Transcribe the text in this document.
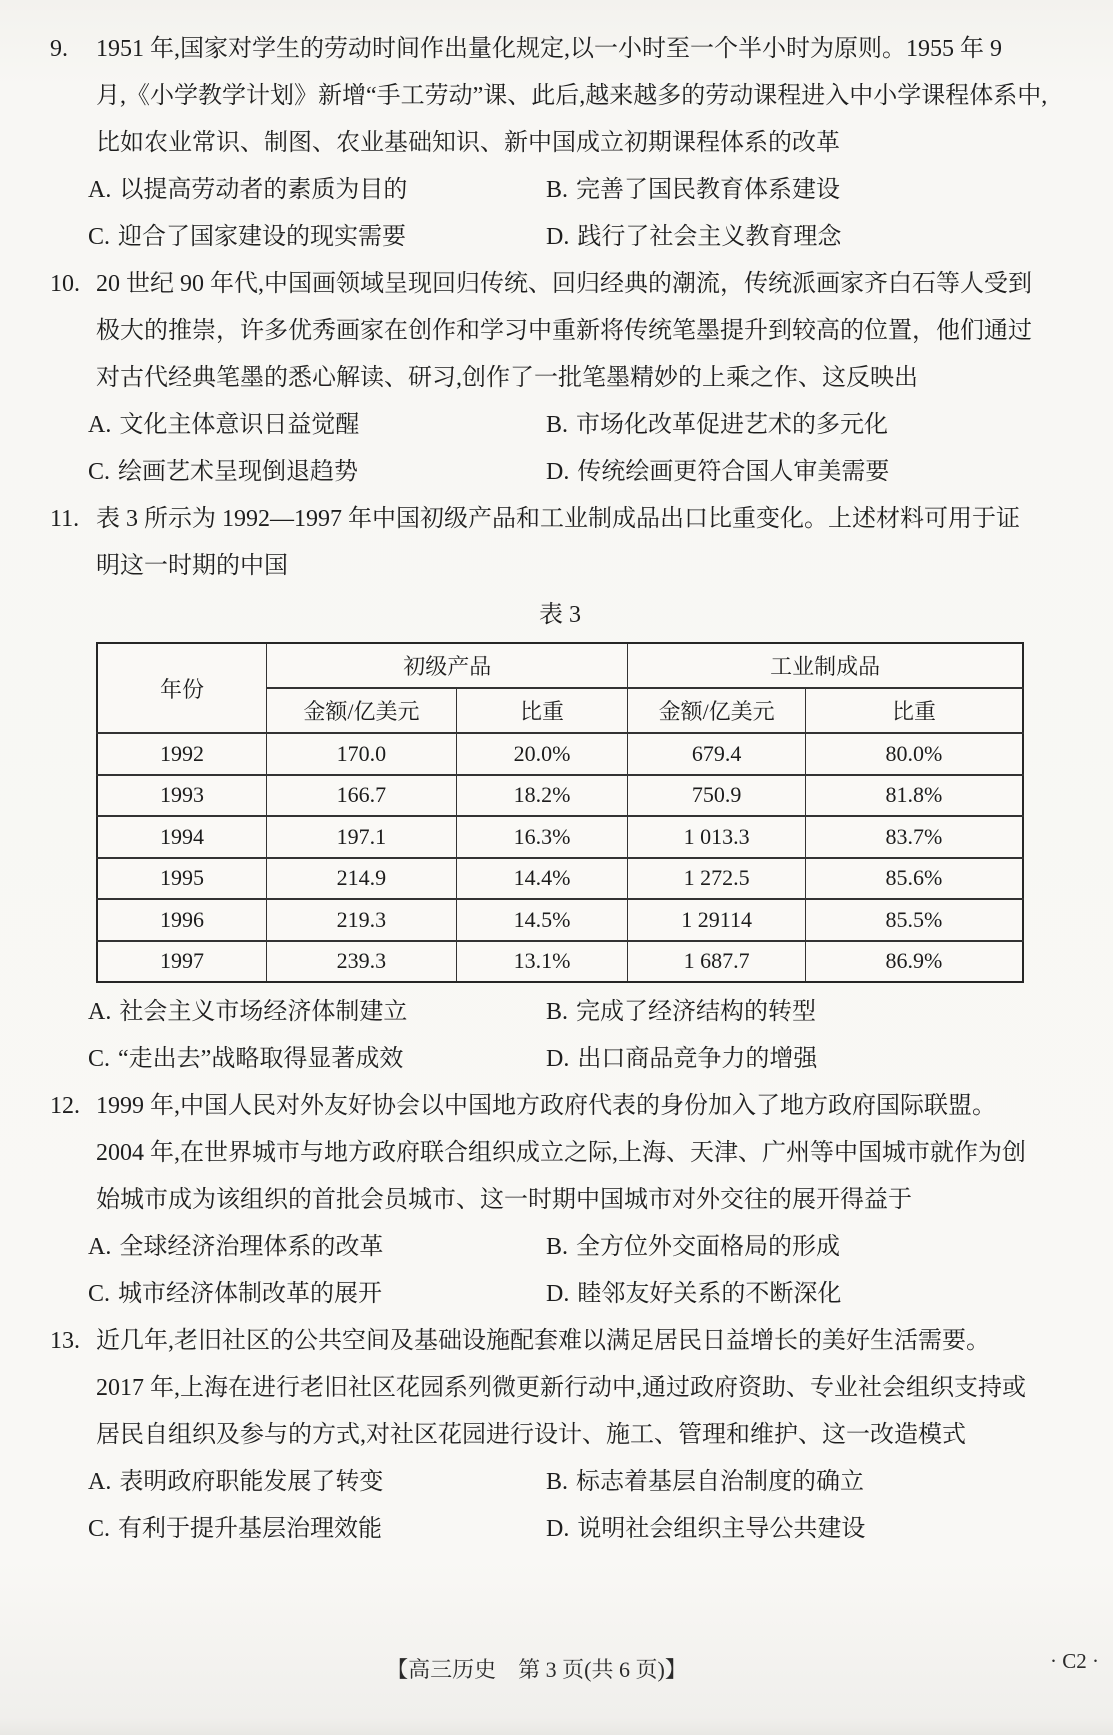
9. 1951 年,国家对学生的劳动时间作出量化规定,以一小时至一个半小时为原则。1955 年 9
月,《小学教学计划》新增“手工劳动”课、此后,越来越多的劳动课程进入中小学课程体系中,
比如农业常识、制图、农业基础知识、新中国成立初期课程体系的改革
A. 以提高劳动者的素质为目的	B. 完善了国民教育体系建设
C. 迎合了国家建设的现实需要	D. 践行了社会主义教育理念
10. 20 世纪 90 年代,中国画领域呈现回归传统、回归经典的潮流，传统派画家齐白石等人受到
极大的推崇，许多优秀画家在创作和学习中重新将传统笔墨提升到较高的位置，他们通过
对古代经典笔墨的悉心解读、研习,创作了一批笔墨精妙的上乘之作、这反映出
A. 文化主体意识日益觉醒	B. 市场化改革促进艺术的多元化
C. 绘画艺术呈现倒退趋势	D. 传统绘画更符合国人审美需要
11. 表 3 所示为 1992—1997 年中国初级产品和工业制成品出口比重变化。上述材料可用于证
明这一时期的中国
表 3
年份	初级产品		工业制成品	
	金额/亿美元	比重	金额/亿美元	比重
1992	170.0	20.0%	679.4	80.0%
1993	166.7	18.2%	750.9	81.8%
1994	197.1	16.3%	1 013.3	83.7%
1995	214.9	14.4%	1 272.5	85.6%
1996	219.3	14.5%	1 29114	85.5%
1997	239.3	13.1%	1 687.7	86.9%
A. 社会主义市场经济体制建立	B. 完成了经济结构的转型
C. “走出去”战略取得显著成效	D. 出口商品竞争力的增强
12. 1999 年,中国人民对外友好协会以中国地方政府代表的身份加入了地方政府国际联盟。
2004 年,在世界城市与地方政府联合组织成立之际,上海、天津、广州等中国城市就作为创
始城市成为该组织的首批会员城市、这一时期中国城市对外交往的展开得益于
A. 全球经济治理体系的改革	B. 全方位外交面格局的形成
C. 城市经济体制改革的展开	D. 睦邻友好关系的不断深化
13. 近几年,老旧社区的公共空间及基础设施配套难以满足居民日益增长的美好生活需要。
2017 年,上海在进行老旧社区花园系列微更新行动中,通过政府资助、专业社会组织支持或
居民自组织及参与的方式,对社区花园进行设计、施工、管理和维护、这一改造模式
A. 表明政府职能发展了转变	B. 标志着基层自治制度的确立
C. 有利于提升基层治理效能	D. 说明社会组织主导公共建设
【高三历史　第 3 页(共 6 页)】	· C2 ·
